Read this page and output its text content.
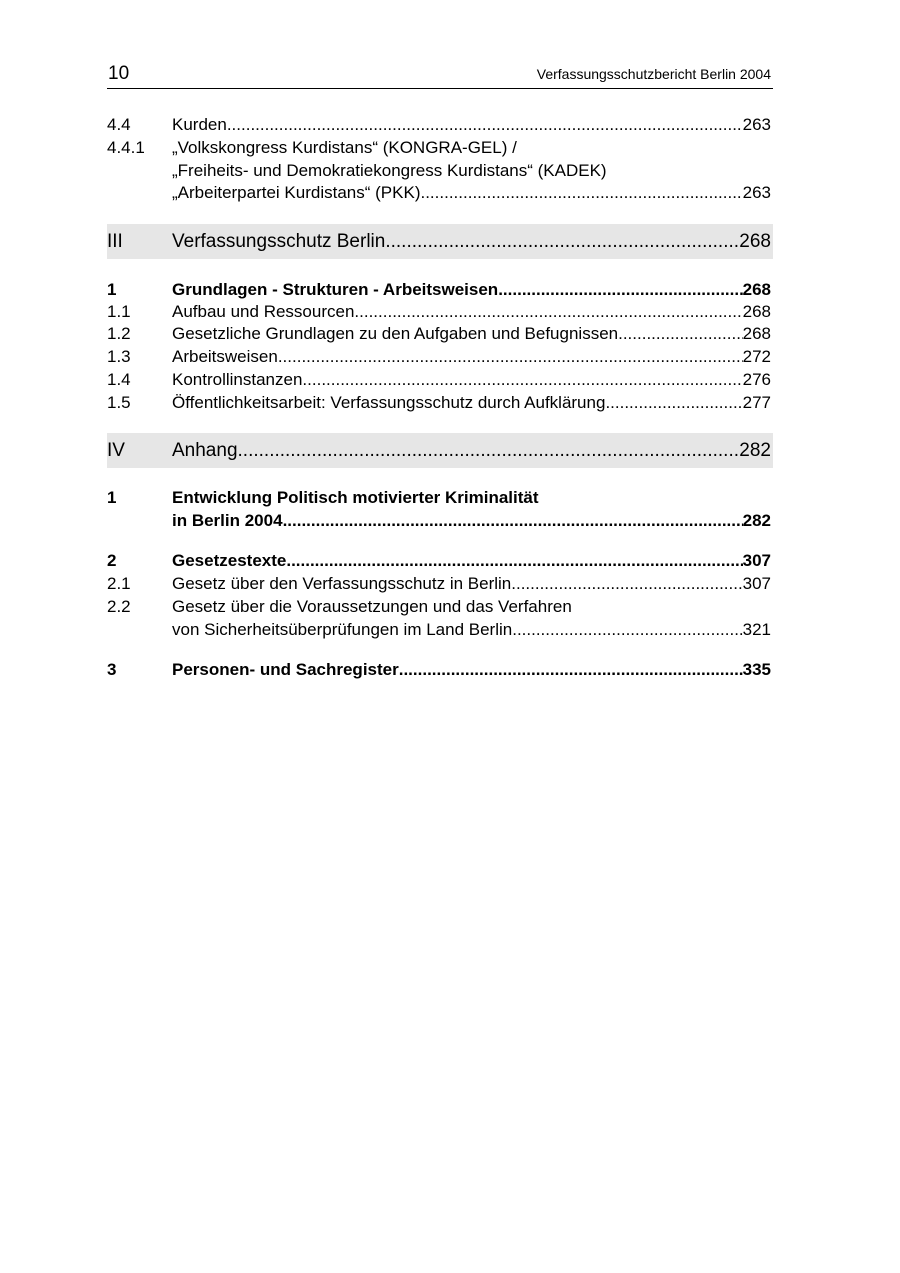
10	Verfassungsschutzbericht Berlin 2004
4.4 Kurden .....	263
4.4.1 „Volkskongress Kurdistans“ (KONGRA-GEL) /
„Freiheits- und Demokratiekongress Kurdistans“ (KADEK)
„Arbeiterpartei Kurdistans“ (PKK) .....	263
III	Verfassungsschutz Berlin .....	268
1	Grundlagen - Strukturen - Arbeitsweisen .....	268
1.1 Aufbau und Ressourcen .....	268
1.2 Gesetzliche Grundlagen zu den Aufgaben und Befugnissen .....	268
1.3 Arbeitsweisen .....	272
1.4 Kontrollinstanzen .....	276
1.5 Öffentlichkeitsarbeit: Verfassungsschutz durch Aufklärung .....	277
IV Anhang .....	282
1	Entwicklung Politisch motivierter Kriminalität
in Berlin 2004 .....	282
2	Gesetzestexte .....	307
2.1 Gesetz über den Verfassungsschutz in Berlin .....	307
2.2 Gesetz über die Voraussetzungen und das Verfahren
von Sicherheitsüberprüfungen im Land Berlin .....	321
3	Personen- und Sachregister .....	335
